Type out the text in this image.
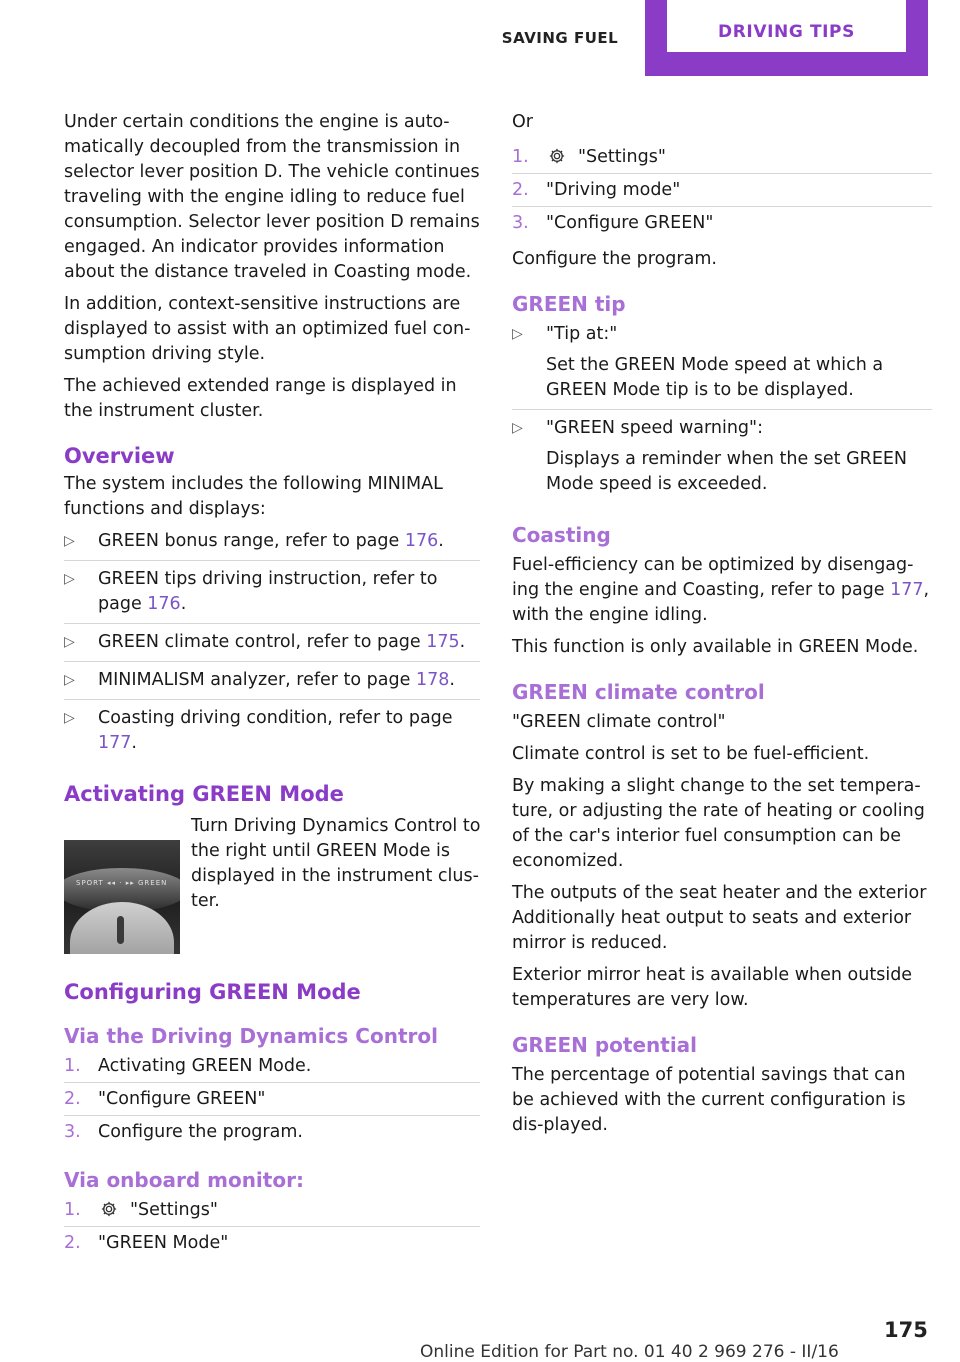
SAVING FUEL	DRIVING TIPS

Under certain conditions the engine is auto‐matically decoupled from the transmission in selector lever position D. The vehicle continues traveling with the engine idling to reduce fuel consumption. Selector lever position D remains engaged. An indicator provides information about the distance traveled in Coasting mode.

In addition, context-sensitive instructions are displayed to assist with an optimized fuel con‐sumption driving style.

The achieved extended range is displayed in the instrument cluster.

Overview

The system includes the following MINIMAL functions and displays:

▷ GREEN bonus range, refer to page 176.
▷ GREEN tips driving instruction, refer to page 176.
▷ GREEN climate control, refer to page 175.
▷ MINIMALISM analyzer, refer to page 178.
▷ Coasting driving condition, refer to page 177.
Activating GREEN Mode
SPORT ◂◂ · ▸▸ GREEN
Turn Driving Dynamics Control to the right until GREEN Mode is displayed in the instrument clus‐ter.
Configuring GREEN Mode
Via the Driving Dynamics Control
1. Activating GREEN Mode.
2. "Configure GREEN"
3. Configure the program.
Via onboard monitor:
1.	"Settings"
2. "GREEN Mode"

Or

1.	"Settings"
2. "Driving mode"
3. "Configure GREEN"

Configure the program.

GREEN tip
▷ "Tip at:"
Set the GREEN Mode speed at which a GREEN Mode tip is to be displayed.
▷ "GREEN speed warning":
Displays a reminder when the set GREEN Mode speed is exceeded.
Coasting

Fuel-efficiency can be optimized by disengag‐ing the engine and Coasting, refer to page 177, with the engine idling.

This function is only available in GREEN Mode.

GREEN climate control

"GREEN climate control"

Climate control is set to be fuel-efficient.

By making a slight change to the set tempera‐ture, or adjusting the rate of heating or cooling of the car's interior fuel consumption can be economized.

The outputs of the seat heater and the exterior Additionally heat output to seats and exterior mirror is reduced.

Exterior mirror heat is available when outside temperatures are very low.

GREEN potential

The percentage of potential savings that can be achieved with the current configuration is dis‐played.

175
Online Edition for Part no. 01 40 2 969 276 - II/16
